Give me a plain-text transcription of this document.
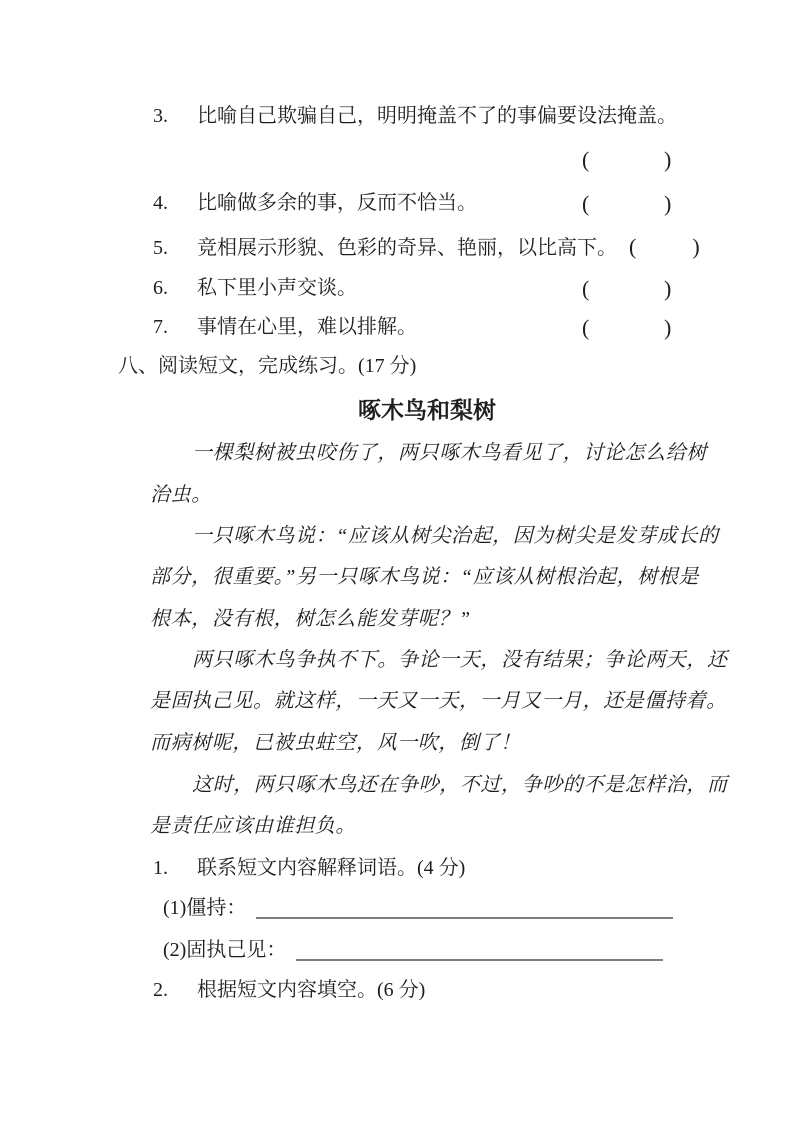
3. 比喻自己欺骗自己，明明掩盖不了的事偏要设法掩盖。
(	)
4. 比喻做多余的事，反而不恰当。	(	)
5. 竞相展示形貌、色彩的奇异、艳丽，以比高下。 (	)
6. 私下里小声交谈。	(	)
7. 事情在心里，难以排解。	(	)
八、阅读短文，完成练习。(17 分)
啄木鸟和梨树
一棵梨树被虫咬伤了，两只啄木鸟看见了，讨论怎么给树
治虫。
一只啄木鸟说：“应该从树尖治起，因为树尖是发芽成长的
部分，很重要。”另一只啄木鸟说：“应该从树根治起，树根是
根本，没有根，树怎么能发芽呢？”
两只啄木鸟争执不下。争论一天，没有结果；争论两天，还
是固执己见。就这样，一天又一天，一月又一月，还是僵持着。
而病树呢，已被虫蛀空，风一吹，倒了！
这时，两只啄木鸟还在争吵，不过，争吵的不是怎样治，而
是责任应该由谁担负。
1. 联系短文内容解释词语。(4 分)
(1)僵持：
(2)固执己见：
2. 根据短文内容填空。(6 分)
